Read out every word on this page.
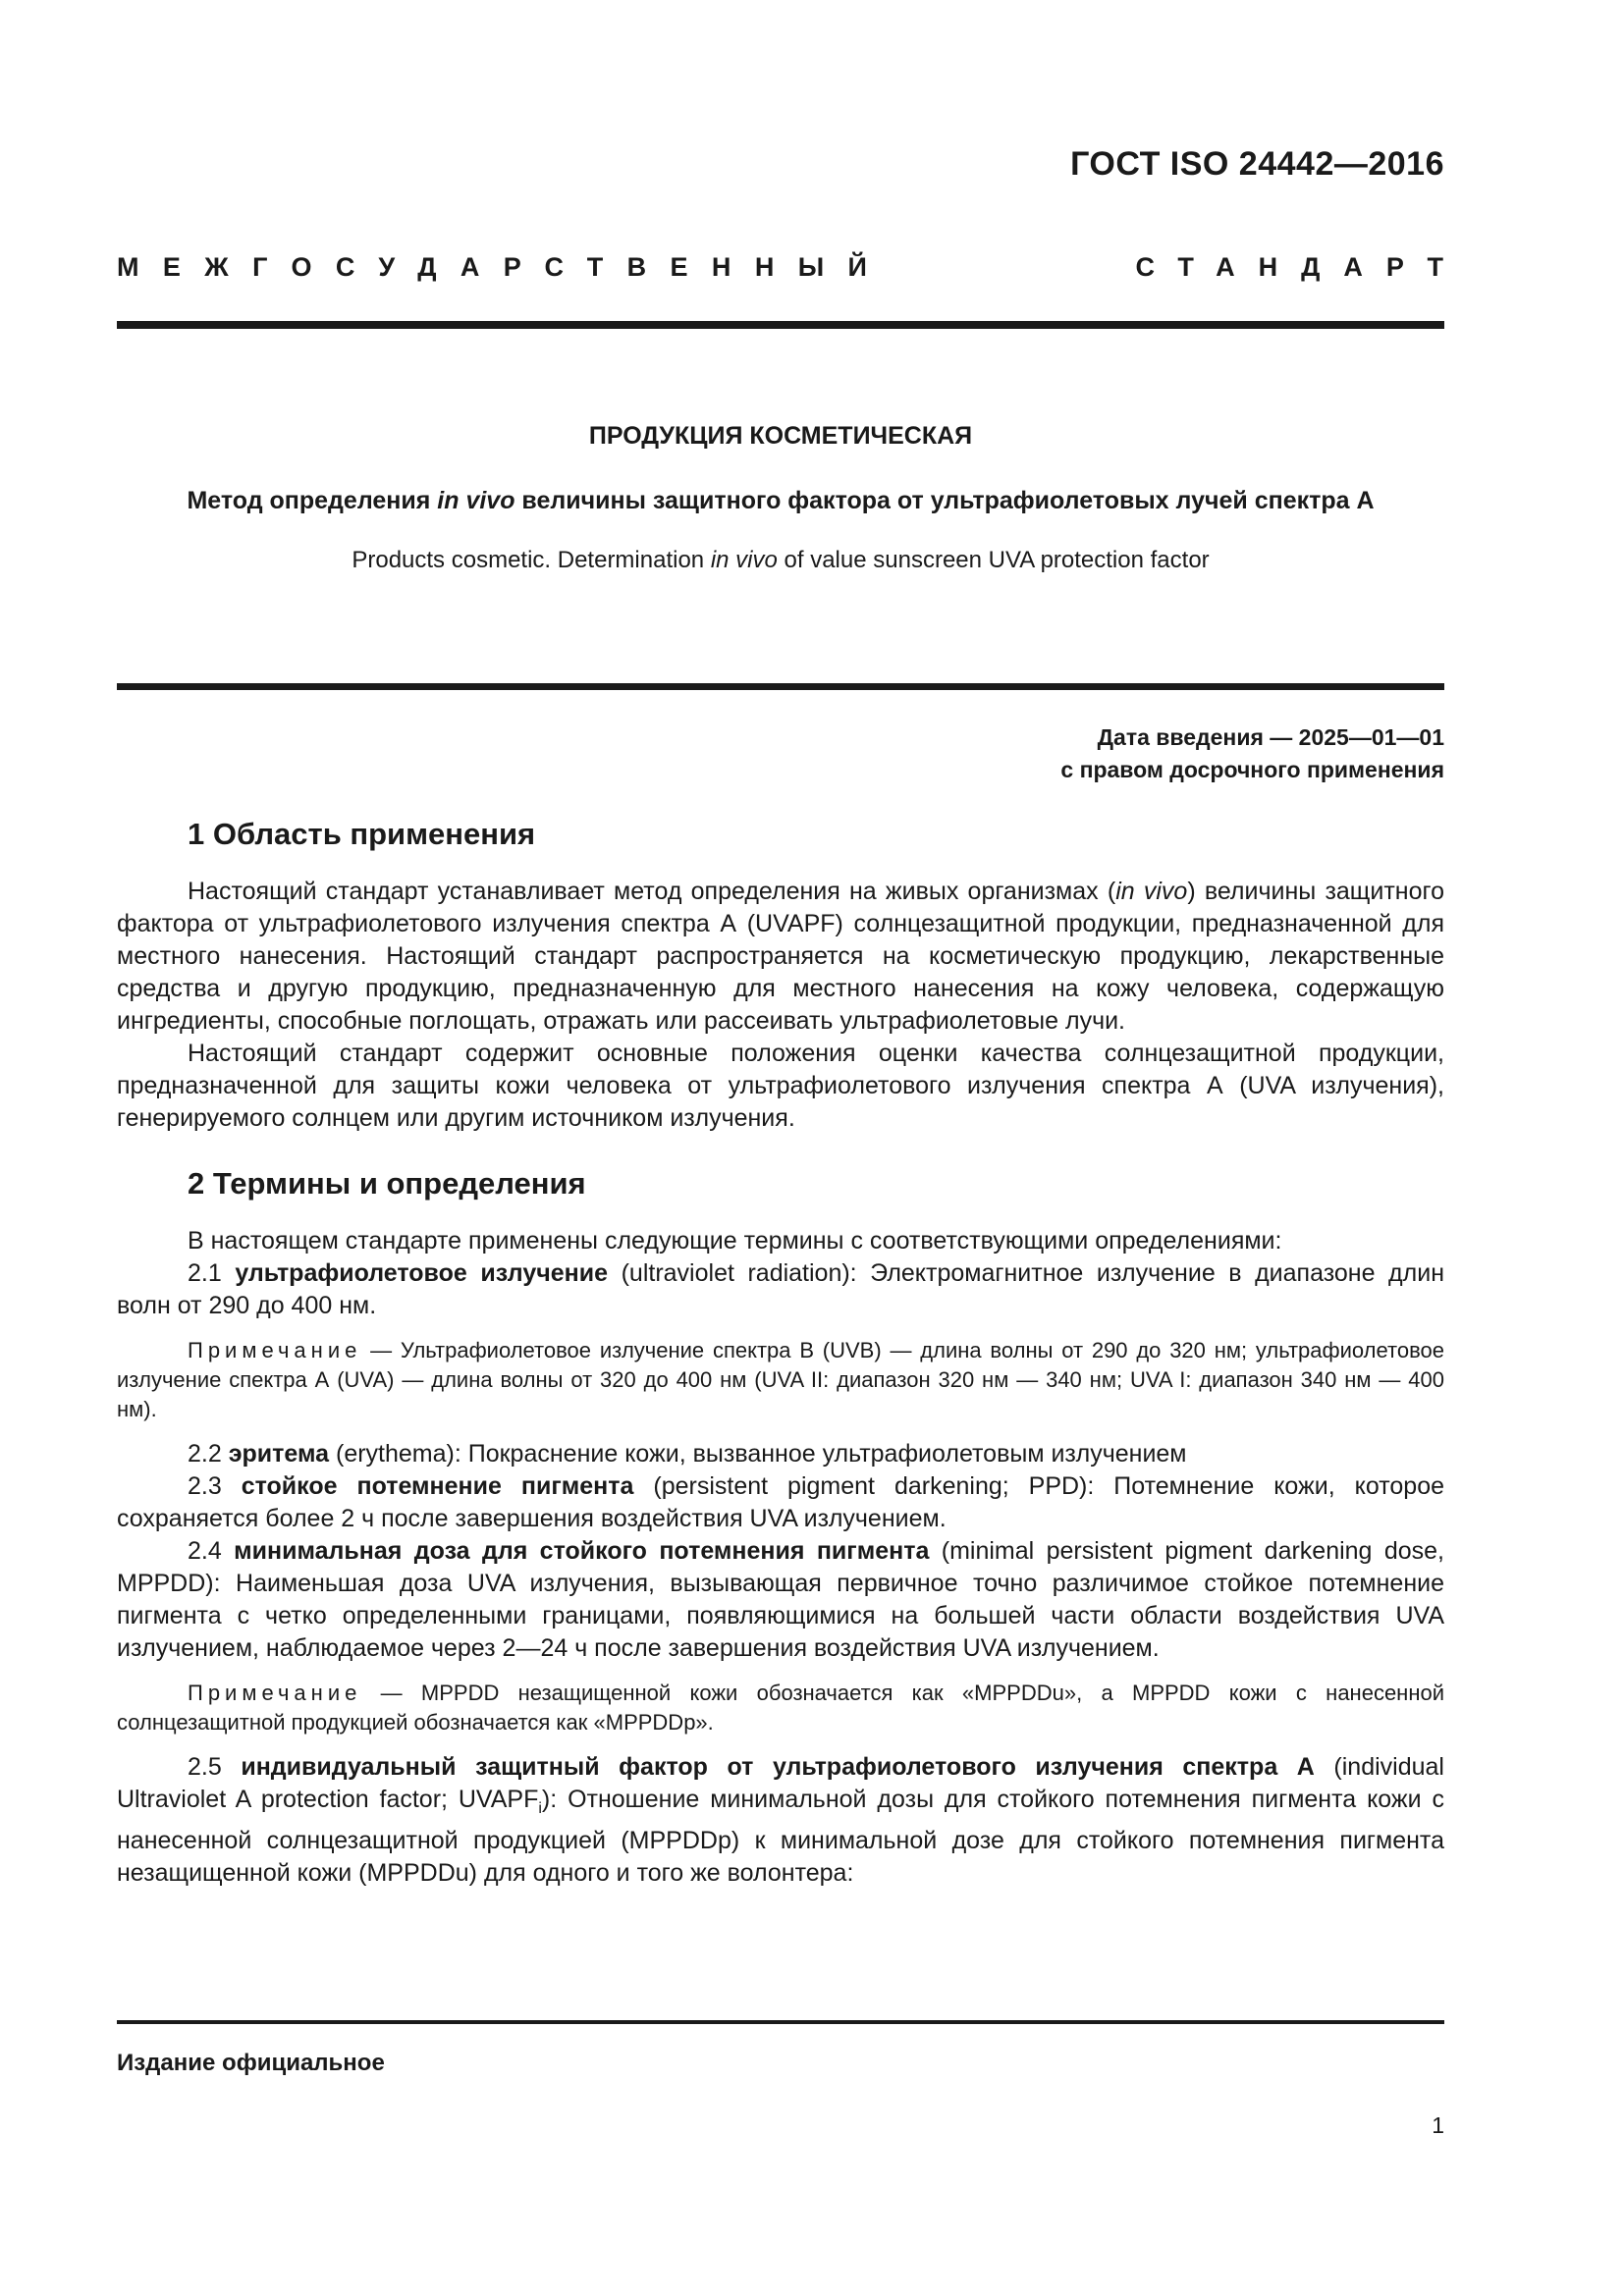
ГОСТ ISO 24442—2016
МЕЖГОСУДАРСТВЕННЫЙ	СТАНДАРТ
ПРОДУКЦИЯ КОСМЕТИЧЕСКАЯ
Метод определения in vivo величины защитного фактора от ультрафиолетовых лучей спектра А
Products cosmetic. Determination in vivo of value sunscreen UVA protection factor
Дата введения — 2025—01—01
с правом досрочного применения
1 Область применения

Настоящий стандарт устанавливает метод определения на живых организмах (in vivo) величины защитного фактора от ультрафиолетового излучения спектра А (UVAPF) солнцезащитной продукции, предназначенной для местного нанесения. Настоящий стандарт распространяется на косметическую продукцию, лекарственные средства и другую продукцию, предназначенную для местного нанесения на кожу человека, содержащую ингредиенты, способные поглощать, отражать или рассеивать ультрафиолетовые лучи.

Настоящий стандарт содержит основные положения оценки качества солнцезащитной продукции, предназначенной для защиты кожи человека от ультрафиолетового излучения спектра А (UVA излучения), генерируемого солнцем или другим источником излучения.

2 Термины и определения

В настоящем стандарте применены следующие термины с соответствующими определениями:

2.1 ультрафиолетовое излучение (ultraviolet radiation): Электромагнитное излучение в диапазоне длин волн от 290 до 400 нм.

Примечание — Ультрафиолетовое излучение спектра В (UVB) — длина волны от 290 до 320 нм; ультрафиолетовое излучение спектра А (UVA) — длина волны от 320 до 400 нм (UVA II: диапазон 320 нм — 340 нм; UVA I: диапазон 340 нм — 400 нм).

2.2 эритема (erythema): Покраснение кожи, вызванное ультрафиолетовым излучением

2.3 стойкое потемнение пигмента (persistent pigment darkening; PPD): Потемнение кожи, которое сохраняется более 2 ч после завершения воздействия UVA излучением.

2.4 минимальная доза для стойкого потемнения пигмента (minimal persistent pigment darkening dose, MPPDD): Наименьшая доза UVA излучения, вызывающая первичное точно различимое стойкое потемнение пигмента с четко определенными границами, появляющимися на большей части области воздействия UVA излучением, наблюдаемое через 2—24 ч после завершения воздействия UVA излучением.

Примечание — MPPDD незащищенной кожи обозначается как «MPPDDu», а MPPDD кожи с нанесенной солнцезащитной продукцией обозначается как «MPPDDp».

2.5 индивидуальный защитный фактор от ультрафиолетового излучения спектра А (individual Ultraviolet A protection factor; $UVAPF_i$): Отношение минимальной дозы для стойкого потемнения пигмента кожи с нанесенной солнцезащитной продукцией (MPPDDp) к минимальной дозе для стойкого потемнения пигмента незащищенной кожи (MPPDDu) для одного и того же волонтера:

Издание официальное
1
